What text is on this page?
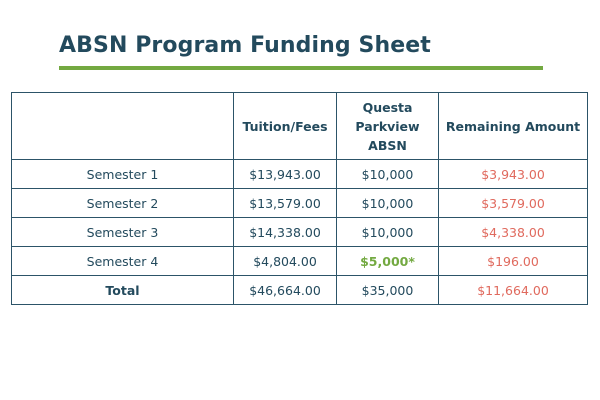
ABSN Program Funding Sheet
	Tuition/Fees	Questa Parkview ABSN	Remaining Amount
Semester 1	$13,943.00	$10,000	$3,943.00
Semester 2	$13,579.00	$10,000	$3,579.00
Semester 3	$14,338.00	$10,000	$4,338.00
Semester 4	$4,804.00	$5,000*	$196.00
Total	$46,664.00	$35,000	$11,664.00
